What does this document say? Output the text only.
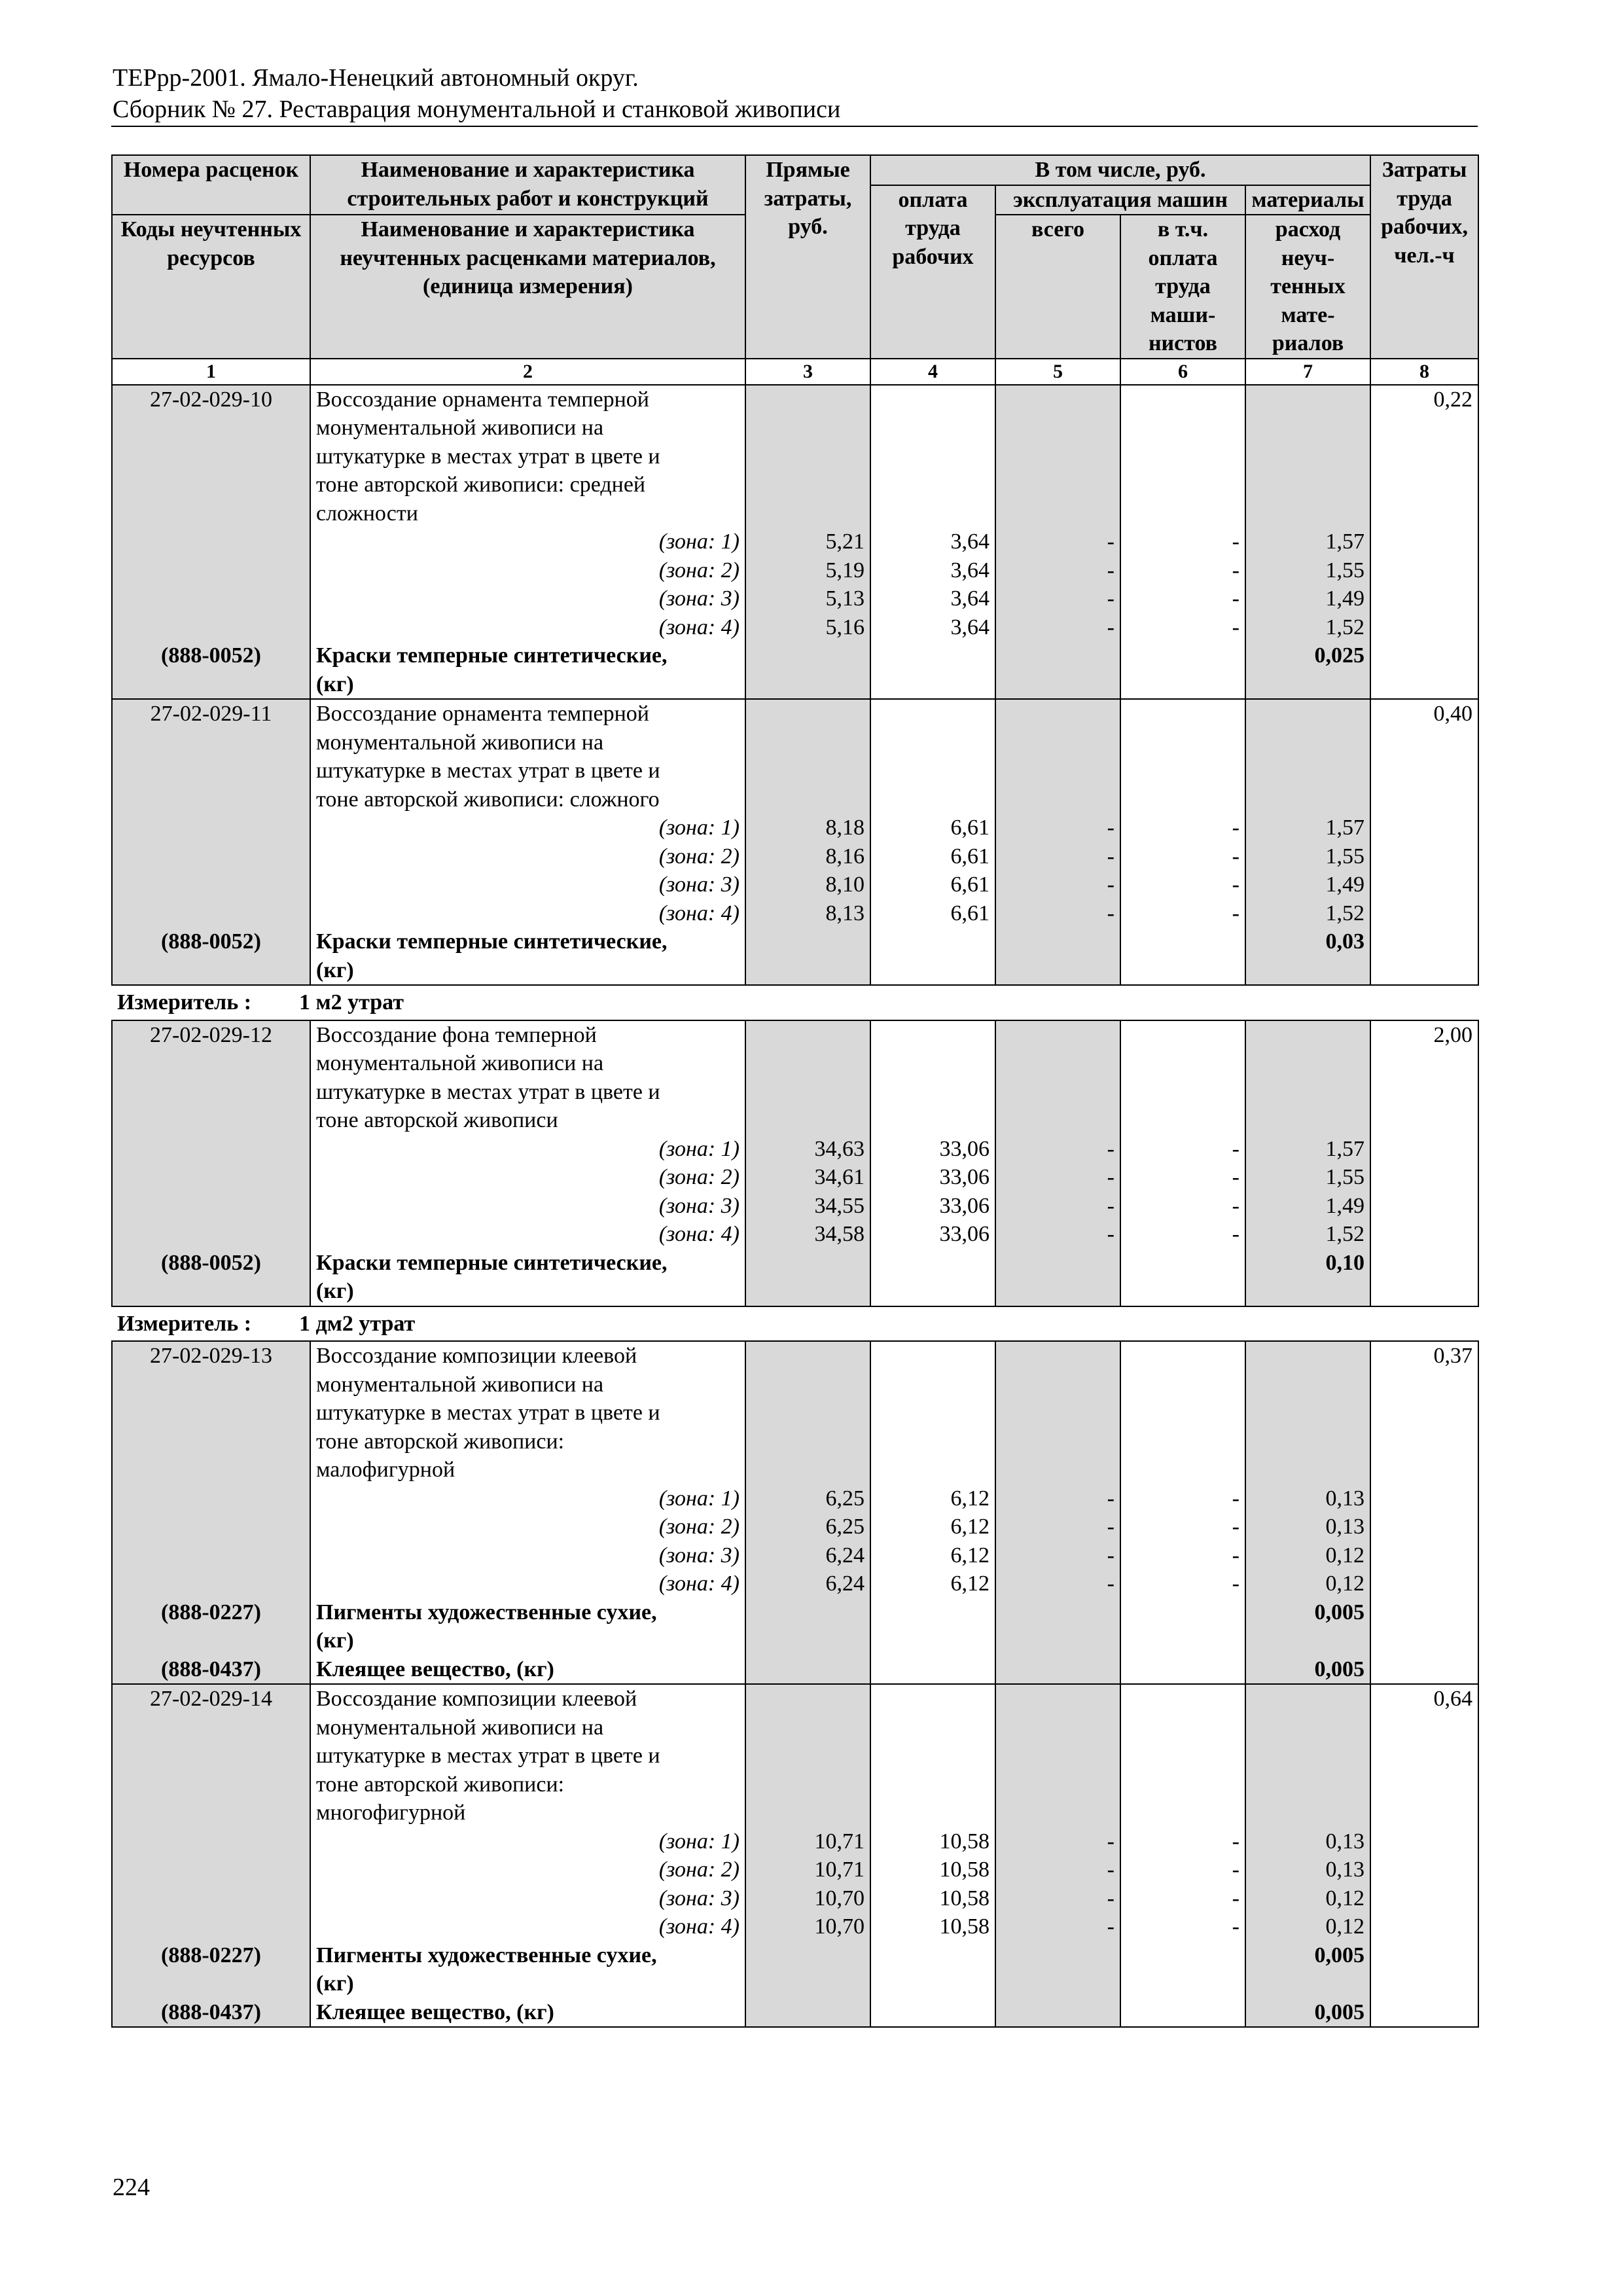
ТЕРрр-2001. Ямало-Ненецкий автономный округ.
Сборник № 27. Реставрация монументальной и станковой живописи
Номера расценок	Наименование и характеристика строительных работ и конструкций	Прямые затраты, руб.	В том числе, руб.				Затраты труда рабочих, чел.-ч
			оплата труда рабочих	эксплуатация машин		материалы	
Коды неучтенных ресурсов	Наименование и характеристика неучтенных расценками материалов, (единица измерения)			всего	в т.ч. оплата труда маши-нистов	расход неуч-тенных мате-риалов	
1	2	3	4	5	6	7	8
27-02-029-10	Воссоздание орнамента темперной						0,22
	монументальной живописи на						
	штукатурке в местах утрат в цвете и						
	тоне авторской живописи: средней						
	сложности						
	(зона: 1)	5,21	3,64	-	-	1,57	
	(зона: 2)	5,19	3,64	-	-	1,55	
	(зона: 3)	5,13	3,64	-	-	1,49	
	(зона: 4)	5,16	3,64	-	-	1,52	
(888-0052)	Краски темперные синтетические,					0,025	
	(кг)						
27-02-029-11	Воссоздание орнамента темперной						0,40
	монументальной живописи на						
	штукатурке в местах утрат в цвете и						
	тоне авторской живописи: сложного						
	(зона: 1)	8,18	6,61	-	-	1,57	
	(зона: 2)	8,16	6,61	-	-	1,55	
	(зона: 3)	8,10	6,61	-	-	1,49	
	(зона: 4)	8,13	6,61	-	-	1,52	
(888-0052)	Краски темперные синтетические,					0,03	
	(кг)						
Измеритель : 1 м2 утрат							
27-02-029-12	Воссоздание фона темперной						2,00
	монументальной живописи на						
	штукатурке в местах утрат в цвете и						
	тоне авторской живописи						
	(зона: 1)	34,63	33,06	-	-	1,57	
	(зона: 2)	34,61	33,06	-	-	1,55	
	(зона: 3)	34,55	33,06	-	-	1,49	
	(зона: 4)	34,58	33,06	-	-	1,52	
(888-0052)	Краски темперные синтетические,					0,10	
	(кг)						
Измеритель : 1 дм2 утрат							
27-02-029-13	Воссоздание композиции клеевой						0,37
	монументальной живописи на						
	штукатурке в местах утрат в цвете и						
	тоне авторской живописи:						
	малофигурной						
	(зона: 1)	6,25	6,12	-	-	0,13	
	(зона: 2)	6,25	6,12	-	-	0,13	
	(зона: 3)	6,24	6,12	-	-	0,12	
	(зона: 4)	6,24	6,12	-	-	0,12	
(888-0227)	Пигменты художественные сухие,					0,005	
	(кг)						
(888-0437)	Клеящее вещество, (кг)					0,005	
27-02-029-14	Воссоздание композиции клеевой						0,64
	монументальной живописи на						
	штукатурке в местах утрат в цвете и						
	тоне авторской живописи:						
	многофигурной						
	(зона: 1)	10,71	10,58	-	-	0,13	
	(зона: 2)	10,71	10,58	-	-	0,13	
	(зона: 3)	10,70	10,58	-	-	0,12	
	(зона: 4)	10,70	10,58	-	-	0,12	
(888-0227)	Пигменты художественные сухие,					0,005	
	(кг)						
(888-0437)	Клеящее вещество, (кг)					0,005	
224
